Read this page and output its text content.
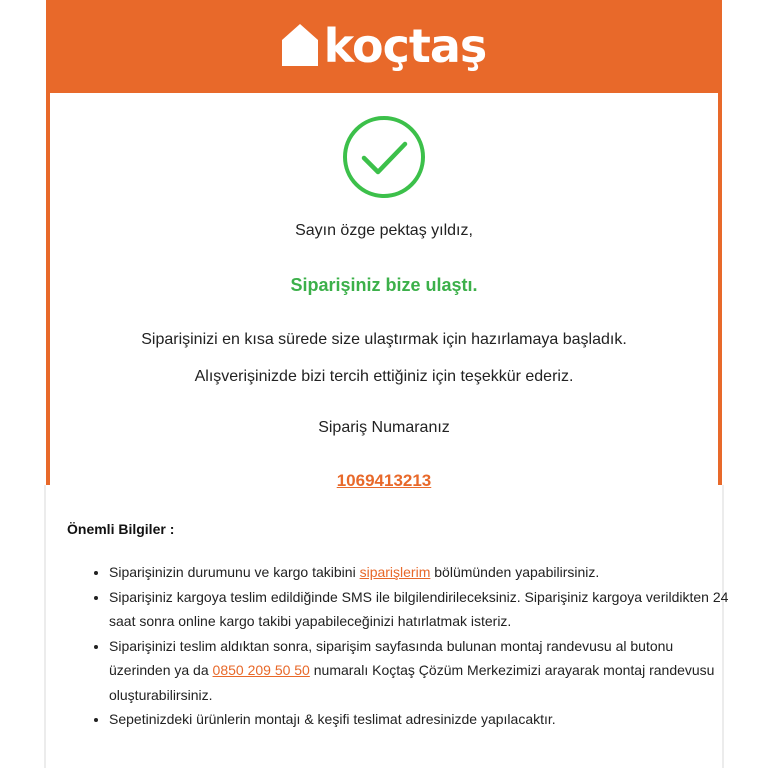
koçtaş
Sayın özge pektaş yıldız,
Siparişiniz bize ulaştı.
Siparişinizi en kısa sürede size ulaştırmak için hazırlamaya başladık.
Alışverişinizde bizi tercih ettiğiniz için teşekkür ederiz.
Sipariş Numaranız
1069413213
Önemli Bilgiler :
• Siparişinizin durumunu ve kargo takibini siparişlerim bölümünden yapabilirsiniz.
• Siparişiniz kargoya teslim edildiğinde SMS ile bilgilendirileceksiniz. Siparişiniz kargoya verildikten 24 saat sonra online kargo takibi yapabileceğinizi hatırlatmak isteriz.
• Siparişinizi teslim aldıktan sonra, siparişim sayfasında bulunan montaj randevusu al butonu üzerinden ya da 0850 209 50 50 numaralı Koçtaş Çözüm Merkezimizi arayarak montaj randevusu oluşturabilirsiniz.
• Sepetinizdeki ürünlerin montajı & keşifi teslimat adresinizde yapılacaktır.
